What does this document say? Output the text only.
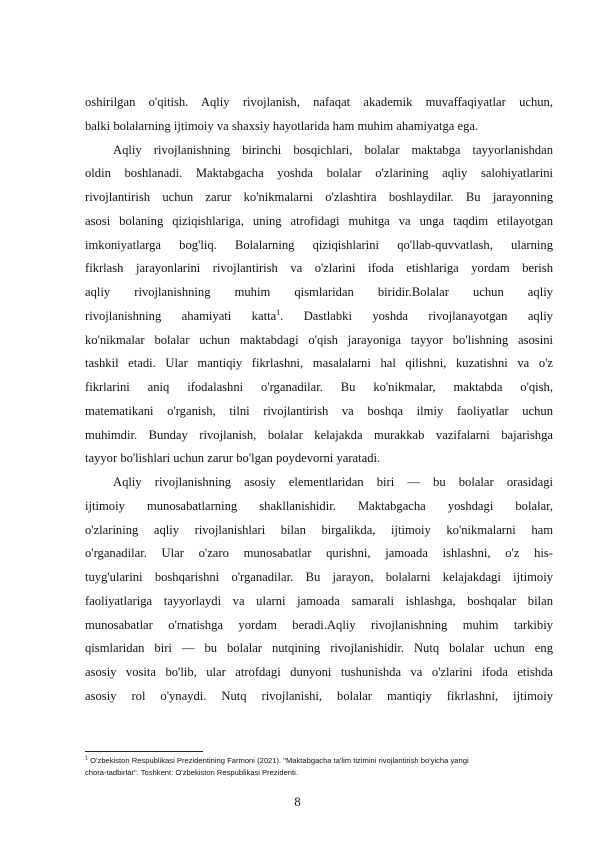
oshirilgan o'qitish. Aqliy rivojlanish, nafaqat akademik muvaffaqiyatlar uchun,
balki bolalarning ijtimoiy va shaxsiy hayotlarida ham muhim ahamiyatga ega.
Aqliy rivojlanishning birinchi bosqichlari, bolalar maktabga tayyorlanishdan
oldin boshlanadi. Maktabgacha yoshda bolalar o'zlarining aqliy salohiyatlarini
rivojlantirish uchun zarur ko'nikmalarni o'zlashtira boshlaydilar. Bu jarayonning
asosi bolaning qiziqishlariga, uning atrofidagi muhitga va unga taqdim etilayotgan
imkoniyatlarga bog'liq. Bolalarning qiziqishlarini qo'llab-quvvatlash, ularning
fikrlash jarayonlarini rivojlantirish va o'zlarini ifoda etishlariga yordam berish
aqliy rivojlanishning muhim qismlaridan biridir.Bolalar uchun aqliy
rivojlanishning ahamiyati katta$^1$. Dastlabki yoshda rivojlanayotgan aqliy
ko'nikmalar bolalar uchun maktabdagi o'qish jarayoniga tayyor bo'lishning asosini
tashkil etadi. Ular mantiqiy fikrlashni, masalalarni hal qilishni, kuzatishni va o'z
fikrlarini aniq ifodalashni o'rganadilar. Bu ko'nikmalar, maktabda o'qish,
matematikani o'rganish, tilni rivojlantirish va boshqa ilmiy faoliyatlar uchun
muhimdir. Bunday rivojlanish, bolalar kelajakda murakkab vazifalarni bajarishga
tayyor bo'lishlari uchun zarur bo'lgan poydevorni yaratadi.
Aqliy rivojlanishning asosiy elementlaridan biri — bu bolalar orasidagi
ijtimoiy munosabatlarning shakllanishidir. Maktabgacha yoshdagi bolalar,
o'zlarining aqliy rivojlanishlari bilan birgalikda, ijtimoiy ko'nikmalarni ham
o'rganadilar. Ular o'zaro munosabatlar qurishni, jamoada ishlashni, o'z his-
tuyg'ularini boshqarishni o'rganadilar. Bu jarayon, bolalarni kelajakdagi ijtimoiy
faoliyatlariga tayyorlaydi va ularni jamoada samarali ishlashga, boshqalar bilan
munosabatlar o'rnatishga yordam beradi.Aqliy rivojlanishning muhim tarkibiy
qismlaridan biri — bu bolalar nutqining rivojlanishidir. Nutq bolalar uchun eng
asosiy vosita bo'lib, ular atrofdagi dunyoni tushunishda va o'zlarini ifoda etishda
asosiy rol o'ynaydi. Nutq rivojlanishi, bolalar mantiqiy fikrlashni, ijtimoiy
$^1$ O'zbekiston Respublikasi Prezidentining Farmoni (2021). "Maktabgacha ta'lim tizimini rivojlantirish bo'yicha yangi
chora-tadbirlar". Toshkent: O'zbekiston Respublikasi Prezidenti.
8
